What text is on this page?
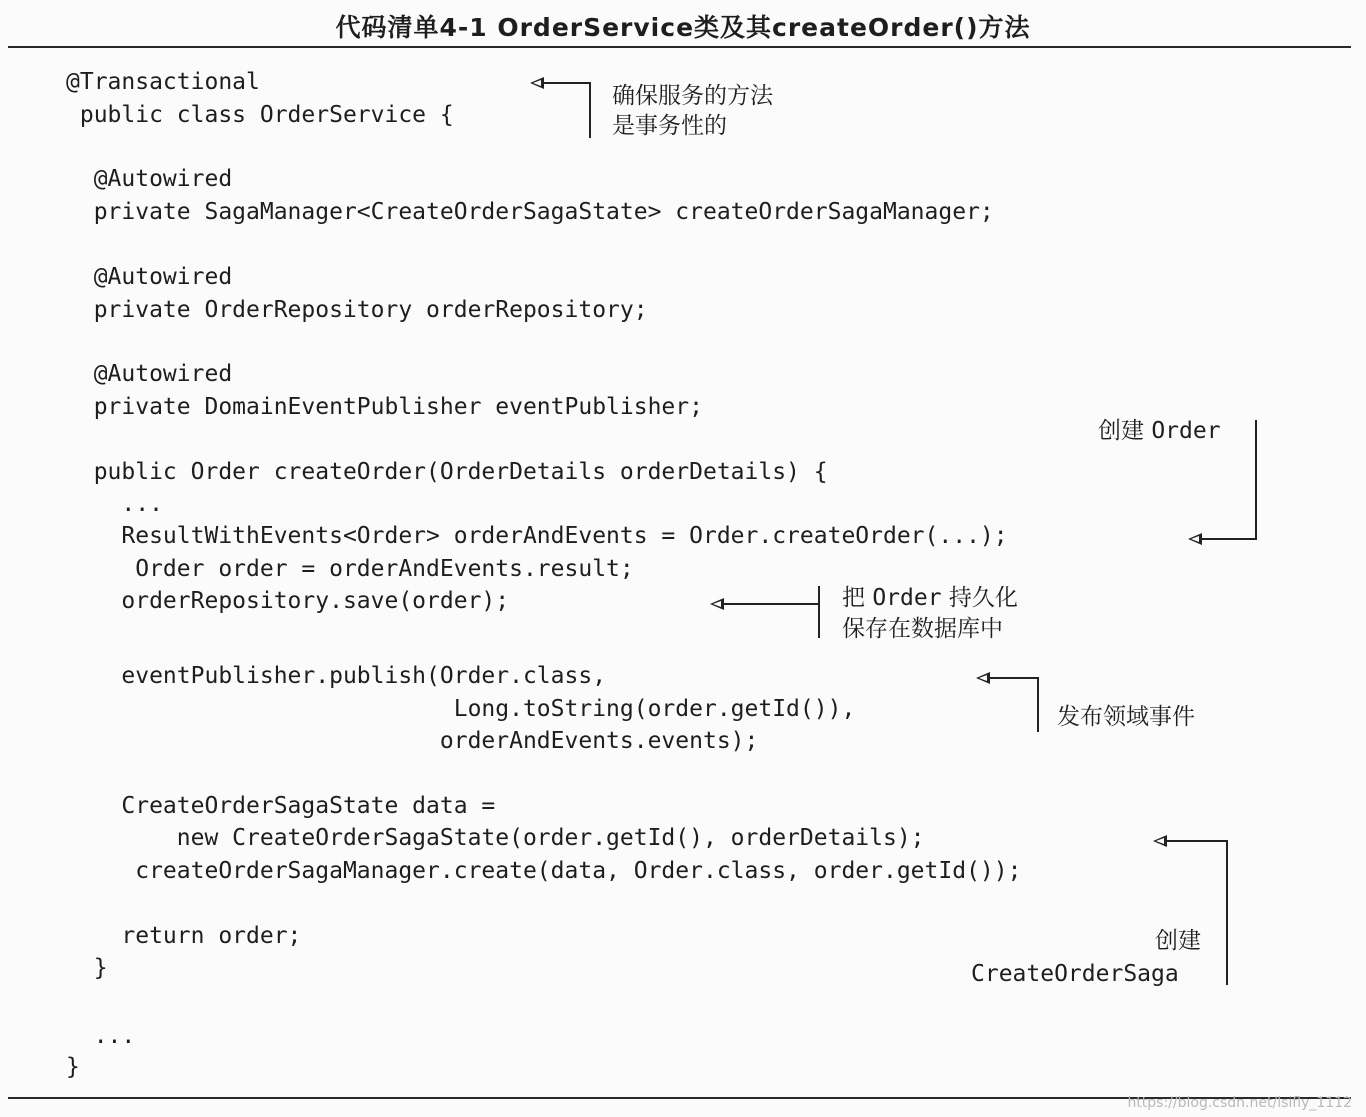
代码清单4-1 OrderService类及其createOrder()方法
@Transactional
public class OrderService {
@Autowired
private SagaManager<CreateOrderSagaState> createOrderSagaManager;
@Autowired
private OrderRepository orderRepository;
@Autowired
private DomainEventPublisher eventPublisher;
public Order createOrder(OrderDetails orderDetails) {
...
ResultWithEvents<Order> orderAndEvents = Order.createOrder(...);
Order order = orderAndEvents.result;
orderRepository.save(order);
eventPublisher.publish(Order.class,
Long.toString(order.getId()),
orderAndEvents.events);
CreateOrderSagaState data =
new CreateOrderSagaState(order.getId(), orderDetails);
createOrderSagaManager.create(data, Order.class, order.getId());
return order;
}
...
}
确保服务的方法
是事务性的
创建 Order
把 Order 持久化
保存在数据库中
发布领域事件
创建
CreateOrderSaga
https://blog.csdn.net/lsifly_1112
